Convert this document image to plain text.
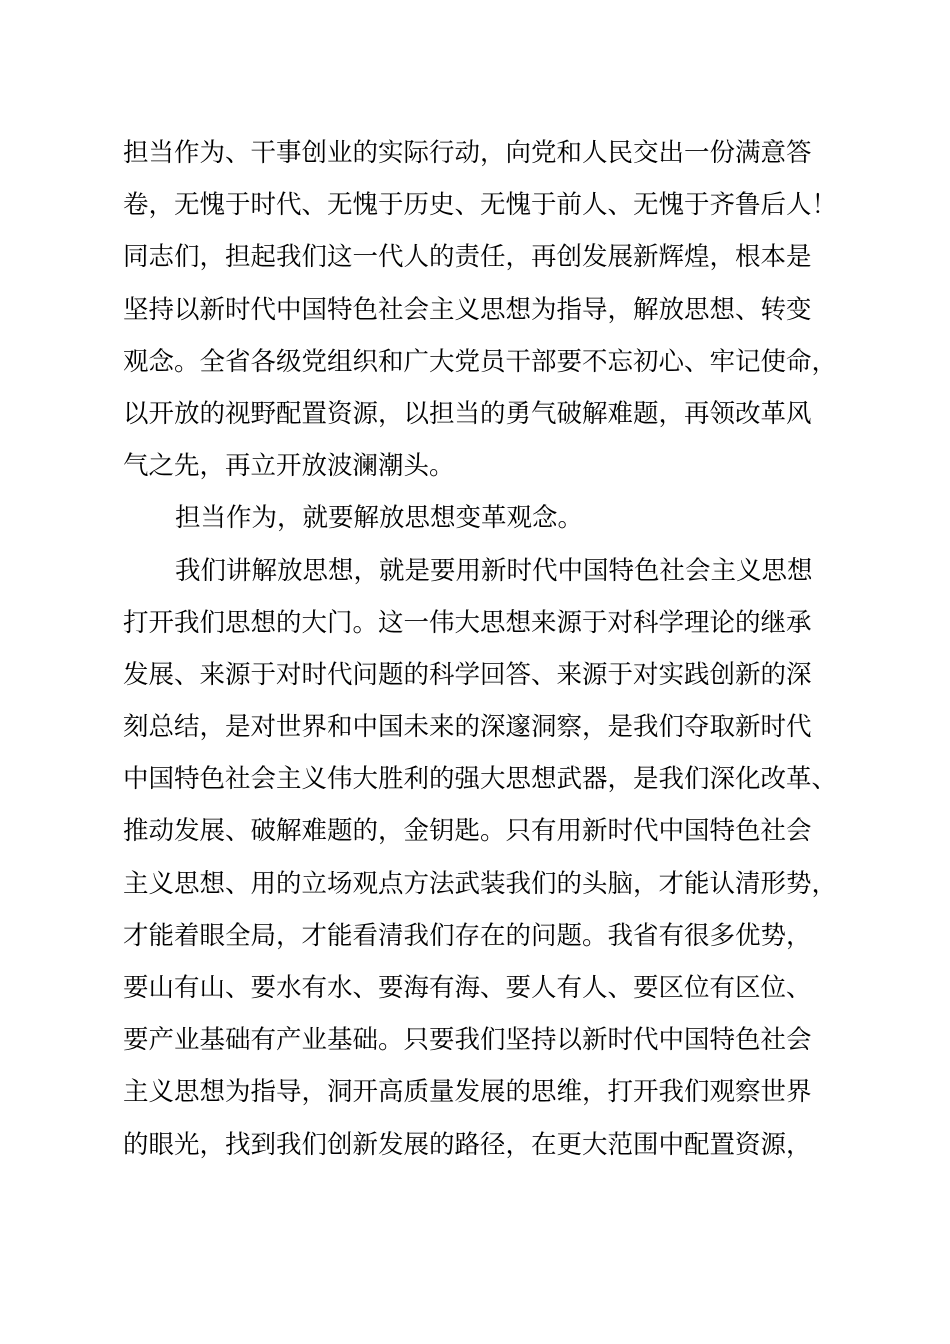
担当作为、干事创业的实际行动，向党和人民交出一份满意答
卷，无愧于时代、无愧于历史、无愧于前人、无愧于齐鲁后人！
同志们，担起我们这一代人的责任，再创发展新辉煌，根本是
坚持以新时代中国特色社会主义思想为指导，解放思想、转变
观念。全省各级党组织和广大党员干部要不忘初心、牢记使命，
以开放的视野配置资源，以担当的勇气破解难题，再领改革风
气之先，再立开放波澜潮头。
担当作为，就要解放思想变革观念。
我们讲解放思想，就是要用新时代中国特色社会主义思想
打开我们思想的大门。这一伟大思想来源于对科学理论的继承
发展、来源于对时代问题的科学回答、来源于对实践创新的深
刻总结，是对世界和中国未来的深邃洞察，是我们夺取新时代
中国特色社会主义伟大胜利的强大思想武器，是我们深化改革、
推动发展、破解难题的，金钥匙。只有用新时代中国特色社会
主义思想、用的立场观点方法武装我们的头脑，才能认清形势，
才能着眼全局，才能看清我们存在的问题。我省有很多优势，
要山有山、要水有水、要海有海、要人有人、要区位有区位、
要产业基础有产业基础。只要我们坚持以新时代中国特色社会
主义思想为指导，洞开高质量发展的思维，打开我们观察世界
的眼光，找到我们创新发展的路径，在更大范围中配置资源，
